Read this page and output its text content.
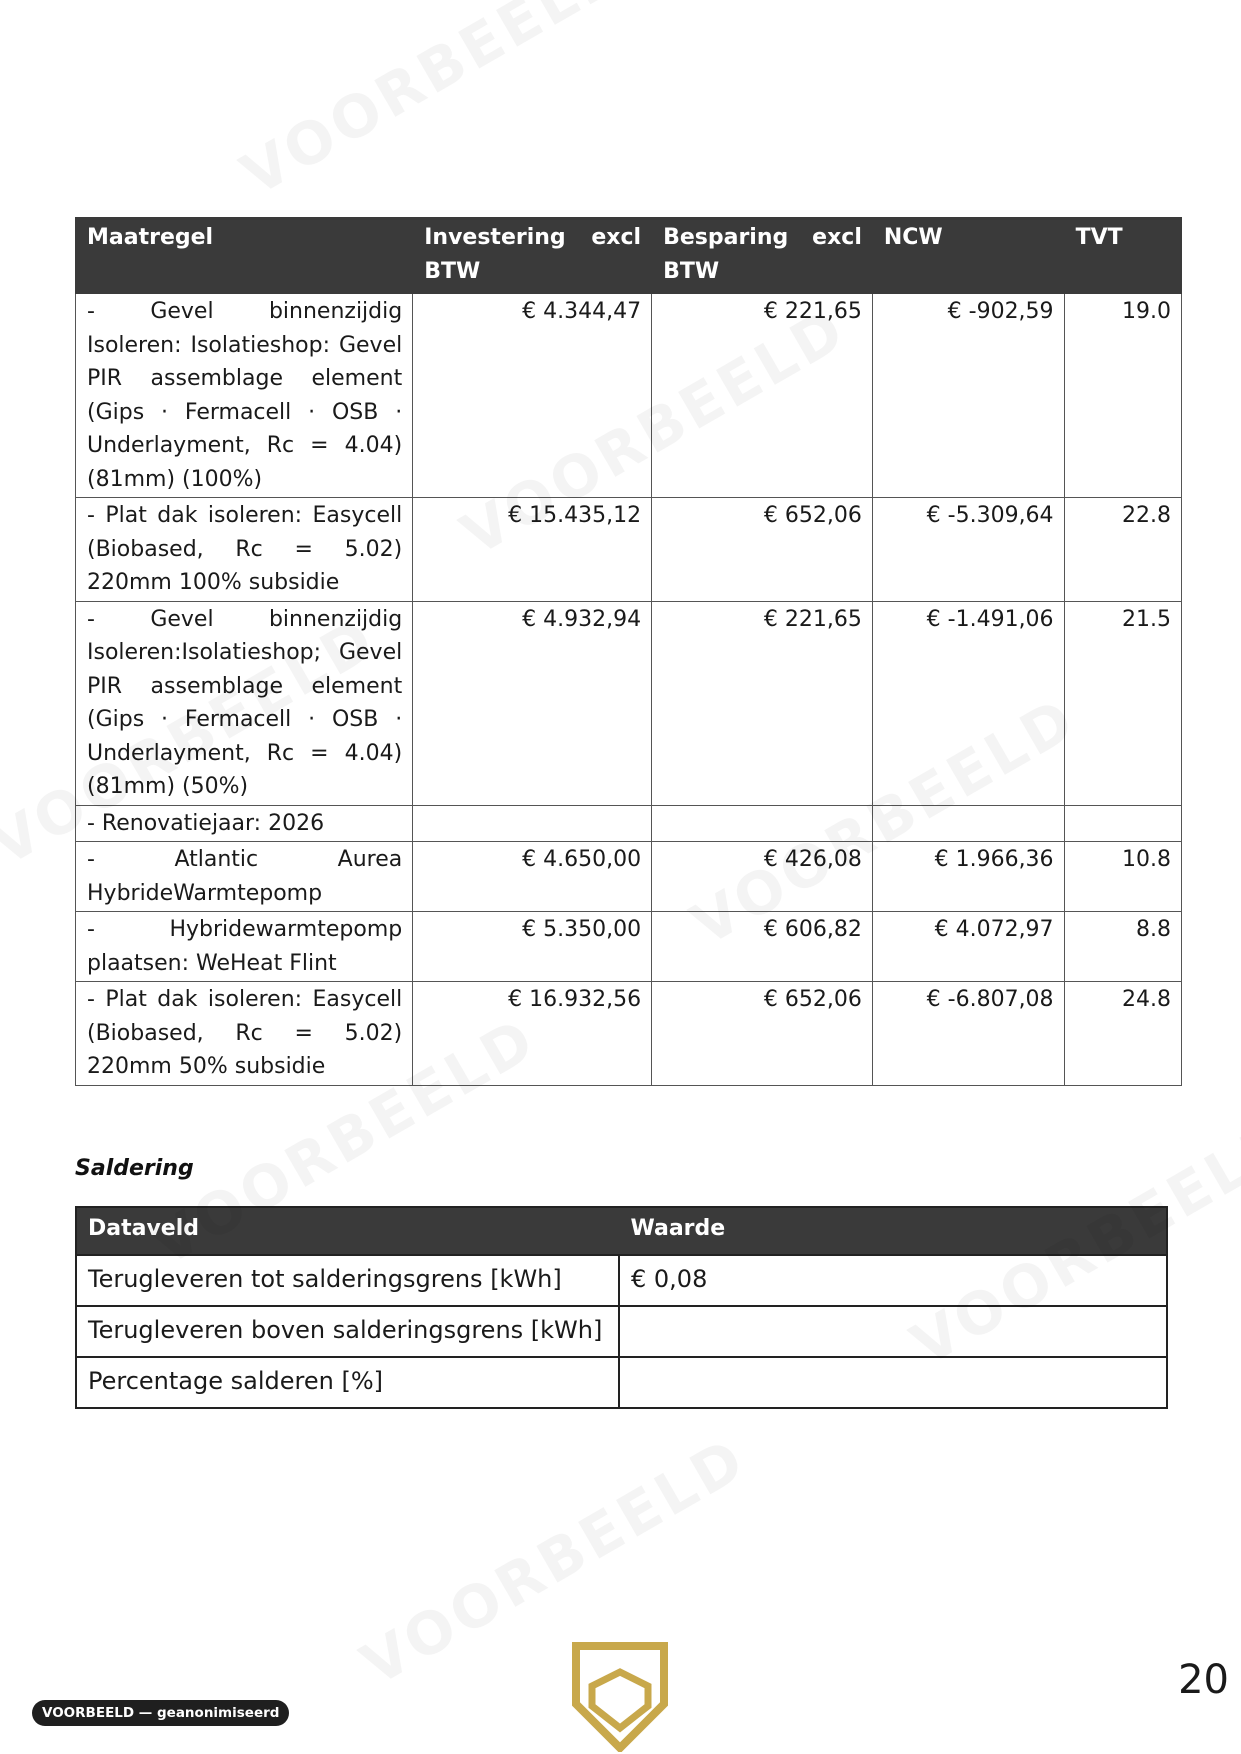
Maatregel	Investering excl BTW	Besparing excl BTW	NCW	TVT
- Gevel binnenzijdig Isoleren: Isolatieshop: Gevel PIR assemblage element (Gips · Fermacell · OSB · Underlayment, Rc = 4.04) (81mm) (100%)	€ 4.344,47	€ 221,65	€ -902,59	19.0
- Plat dak isoleren: Easycell (Biobased, Rc = 5.02) 220mm 100% subsidie	€ 15.435,12	€ 652,06	€ -5.309,64	22.8
- Gevel binnenzijdig Isoleren:Isolatieshop; Gevel PIR assemblage element (Gips · Fermacell · OSB · Underlayment, Rc = 4.04) (81mm) (50%)	€ 4.932,94	€ 221,65	€ -1.491,06	21.5
- Renovatiejaar: 2026				
- Atlantic Aurea HybrideWarmtepomp	€ 4.650,00	€ 426,08	€ 1.966,36	10.8
- Hybridewarmtepomp plaatsen: WeHeat Flint	€ 5.350,00	€ 606,82	€ 4.072,97	8.8
- Plat dak isoleren: Easycell (Biobased, Rc = 5.02) 220mm 50% subsidie	€ 16.932,56	€ 652,06	€ -6.807,08	24.8
Saldering
Dataveld	Waarde
Terugleveren tot salderingsgrens [kWh]	€ 0,08
Terugleveren boven salderingsgrens [kWh]	
Percentage salderen [%]	
VOORBEELD — geanonimiseerd
20
